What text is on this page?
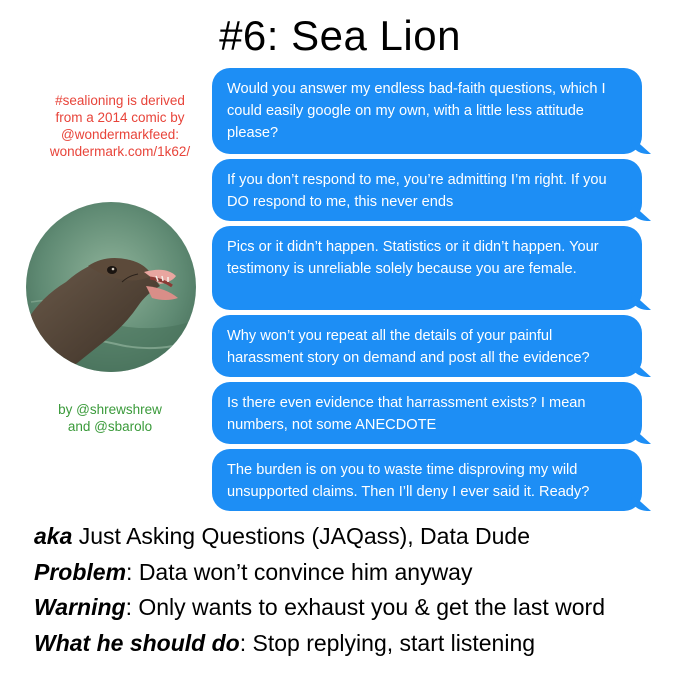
#6: Sea Lion
#sealioning is derived
from a 2014 comic by
@wondermarkfeed:
wondermark.com/1k62/
by @shrewshrew
and @sbarolo
Would you answer my endless bad-faith questions, which I could easily google on my own, with a little less attitude please?
If you don’t respond to me, you’re admitting I’m right. If you DO respond to me, this never ends
Pics or it didn’t happen. Statistics or it didn’t happen. Your testimony is unreliable solely because you are female.
Why won’t you repeat all the details of your painful harassment story on demand and post all the evidence?
Is there even evidence that harrassment exists? I mean numbers, not some ANECDOTE
The burden is on you to waste time disproving my wild unsupported claims. Then I’ll deny I ever said it. Ready?
aka Just Asking Questions (JAQass), Data Dude
Problem: Data won’t convince him anyway
Warning: Only wants to exhaust you & get the last word
What he should do: Stop replying, start listening
